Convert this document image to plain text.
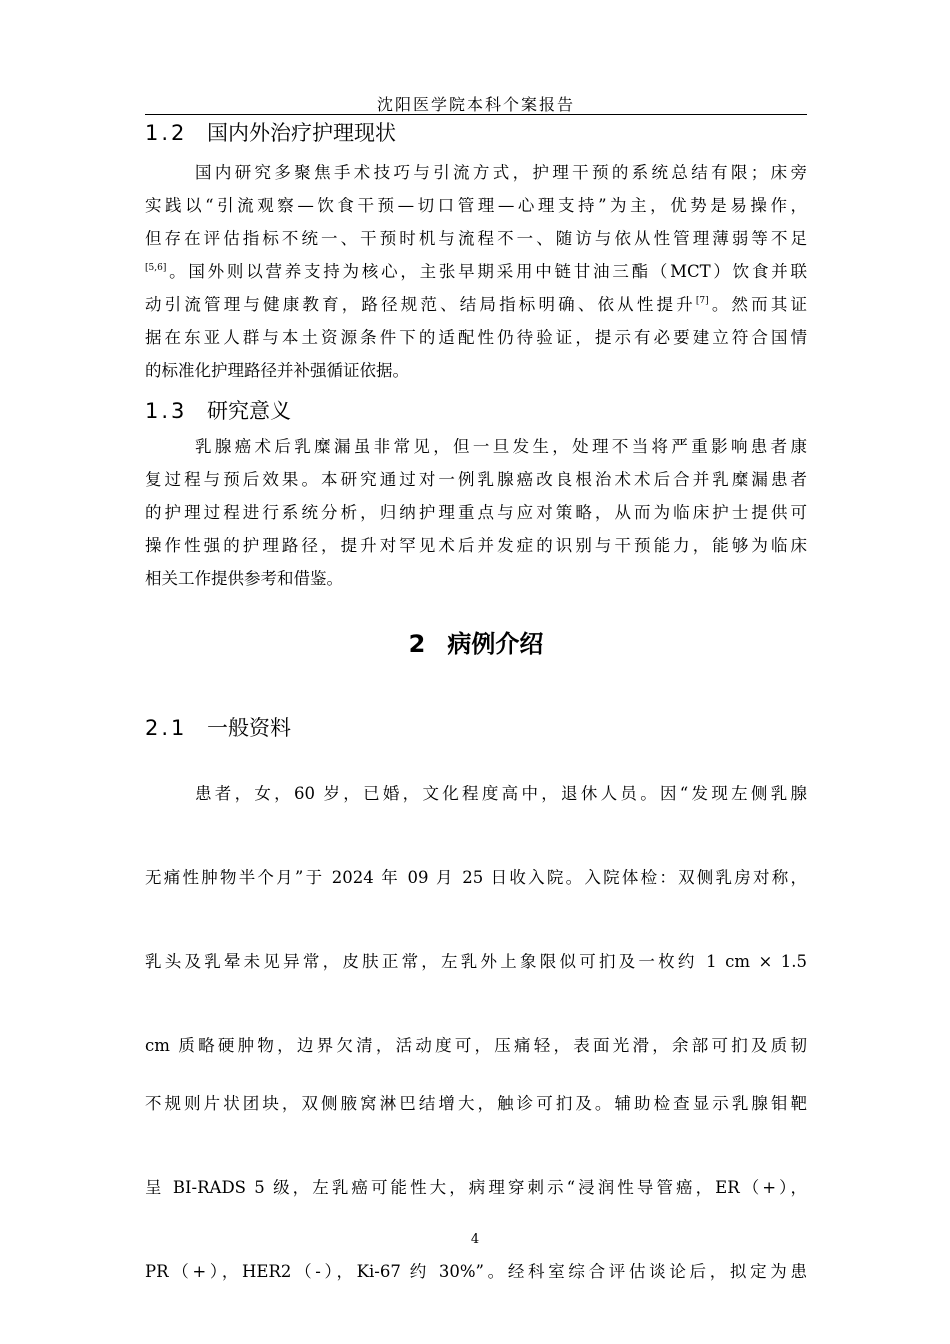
沈阳医学院本科个案报告
1.2 国内外治疗护理现状
国内研究多聚焦手术技巧与引流方式，护理干预的系统总结有限；床旁
实践以“引流观察—饮食干预—切口管理—心理支持”为主，优势是易操作，
但存在评估指标不统一、干预时机与流程不一、随访与依从性管理薄弱等不足
[5,6]。国外则以营养支持为核心，主张早期采用中链甘油三酯（MCT）饮食并联
动引流管理与健康教育，路径规范、结局指标明确、依从性提升[7]。然而其证
据在东亚人群与本土资源条件下的适配性仍待验证，提示有必要建立符合国情
的标准化护理路径并补强循证依据。
1.3 研究意义
乳腺癌术后乳糜漏虽非常见，但一旦发生，处理不当将严重影响患者康
复过程与预后效果。本研究通过对一例乳腺癌改良根治术术后合并乳糜漏患者
的护理过程进行系统分析，归纳护理重点与应对策略，从而为临床护士提供可
操作性强的护理路径，提升对罕见术后并发症的识别与干预能力，能够为临床
相关工作提供参考和借鉴。
2 病例介绍
2.1 一般资料
患者，女，60 岁，已婚，文化程度高中，退休人员。因“发现左侧乳腺
无痛性肿物半个月”于 2024 年 09 月 25 日收入院。入院体检：双侧乳房对称，
乳头及乳晕未见异常，皮肤正常，左乳外上象限似可扪及一枚约 1 cm × 1.5
cm 质略硬肿物，边界欠清，活动度可，压痛轻，表面光滑，余部可扪及质韧
不规则片状团块，双侧腋窝淋巴结增大，触诊可扪及。辅助检查显示乳腺钼靶
呈 BI-RADS 5 级，左乳癌可能性大，病理穿刺示“浸润性导管癌，ER（+），
PR（+），HER2（-），Ki-67 约 30%”。经科室综合评估谈论后，拟定为患
4
